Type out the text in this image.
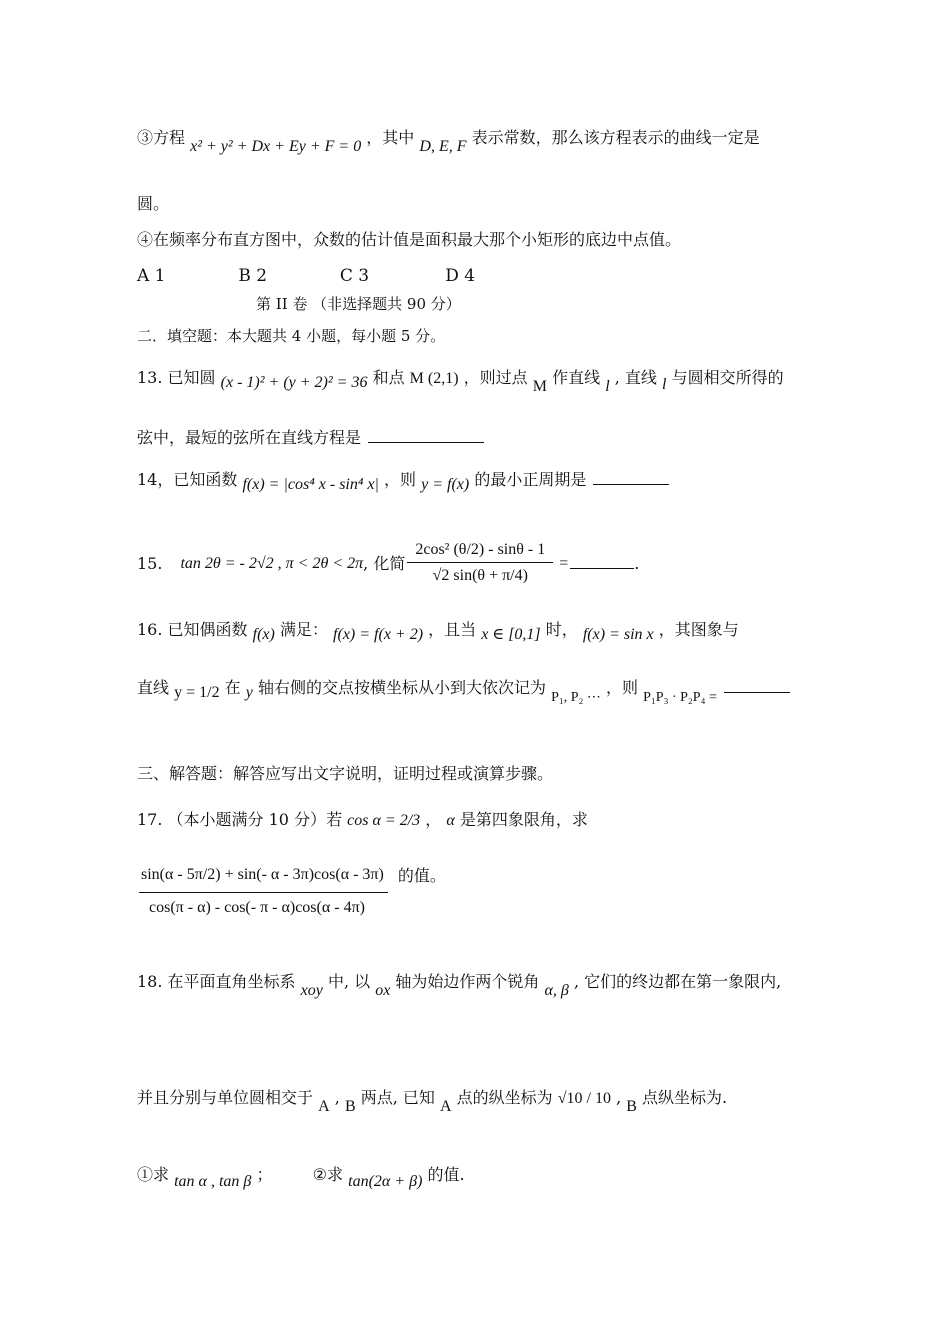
③方程 x² + y² + Dx + Ey + F = 0 ，其中 D, E, F 表示常数，那么该方程表示的曲线一定是
圆。
④在频率分布直方图中，众数的估计值是面积最大那个小矩形的底边中点值。
A 1	B 2	C 3	D 4
第 II 卷 （非选择题共 90 分）
二．填空题：本大题共 4 小题，每小题 5 分。
13. 已知圆 (x - 1)² + (y + 2)² = 36 和点 M (2,1) ，则过点 M 作直线 l , 直线 l 与圆相交所得的
弦中，最短的弦所在直线方程是
14，已知函数 f(x) = |cos⁴ x - sin⁴ x| ，则 y = f(x) 的最小正周期是
15. tan 2θ = - 2√2 , π < 2θ < 2π , 化简 $\frac{\text{2cos² (θ/2) - sinθ - 1}}{√2 \sin(\theta + \pi/4)}$ =	.
16. 已知偶函数 f(x) 满足： f(x) = f(x + 2) ，且当 x ∈ [0,1] 时， f(x) = sin x ，其图象与
直线 y = 1/2 在 y 轴右侧的交点按横坐标从小到大依次记为 P₁, P₂ ⋯ ，则 P₁P₃ · P₂P₄ =
三、解答题：解答应写出文字说明，证明过程或演算步骤。
17. （本小题满分 10 分）若 cos α = 2/3 ， α 是第四象限角，求
$\frac{\sin(\alpha - 5\pi/2) + \sin(- \alpha - 3\pi)\cos(\alpha - 3\pi)}{\cos(\pi - \alpha) - \cos(- \pi - \alpha)\cos(\alpha - 4\pi)}$ 的值。
18. 在平面直角坐标系 xoy 中, 以 ox 轴为始边作两个锐角 α, β , 它们的终边都在第一象限内,
并且分别与单位圆相交于 A , B 两点, 已知 A 点的纵坐标为 √10 / 10 , B 点纵坐标为.
①求 tan α , tan β ；	②求 tan(2α + β) 的值.
